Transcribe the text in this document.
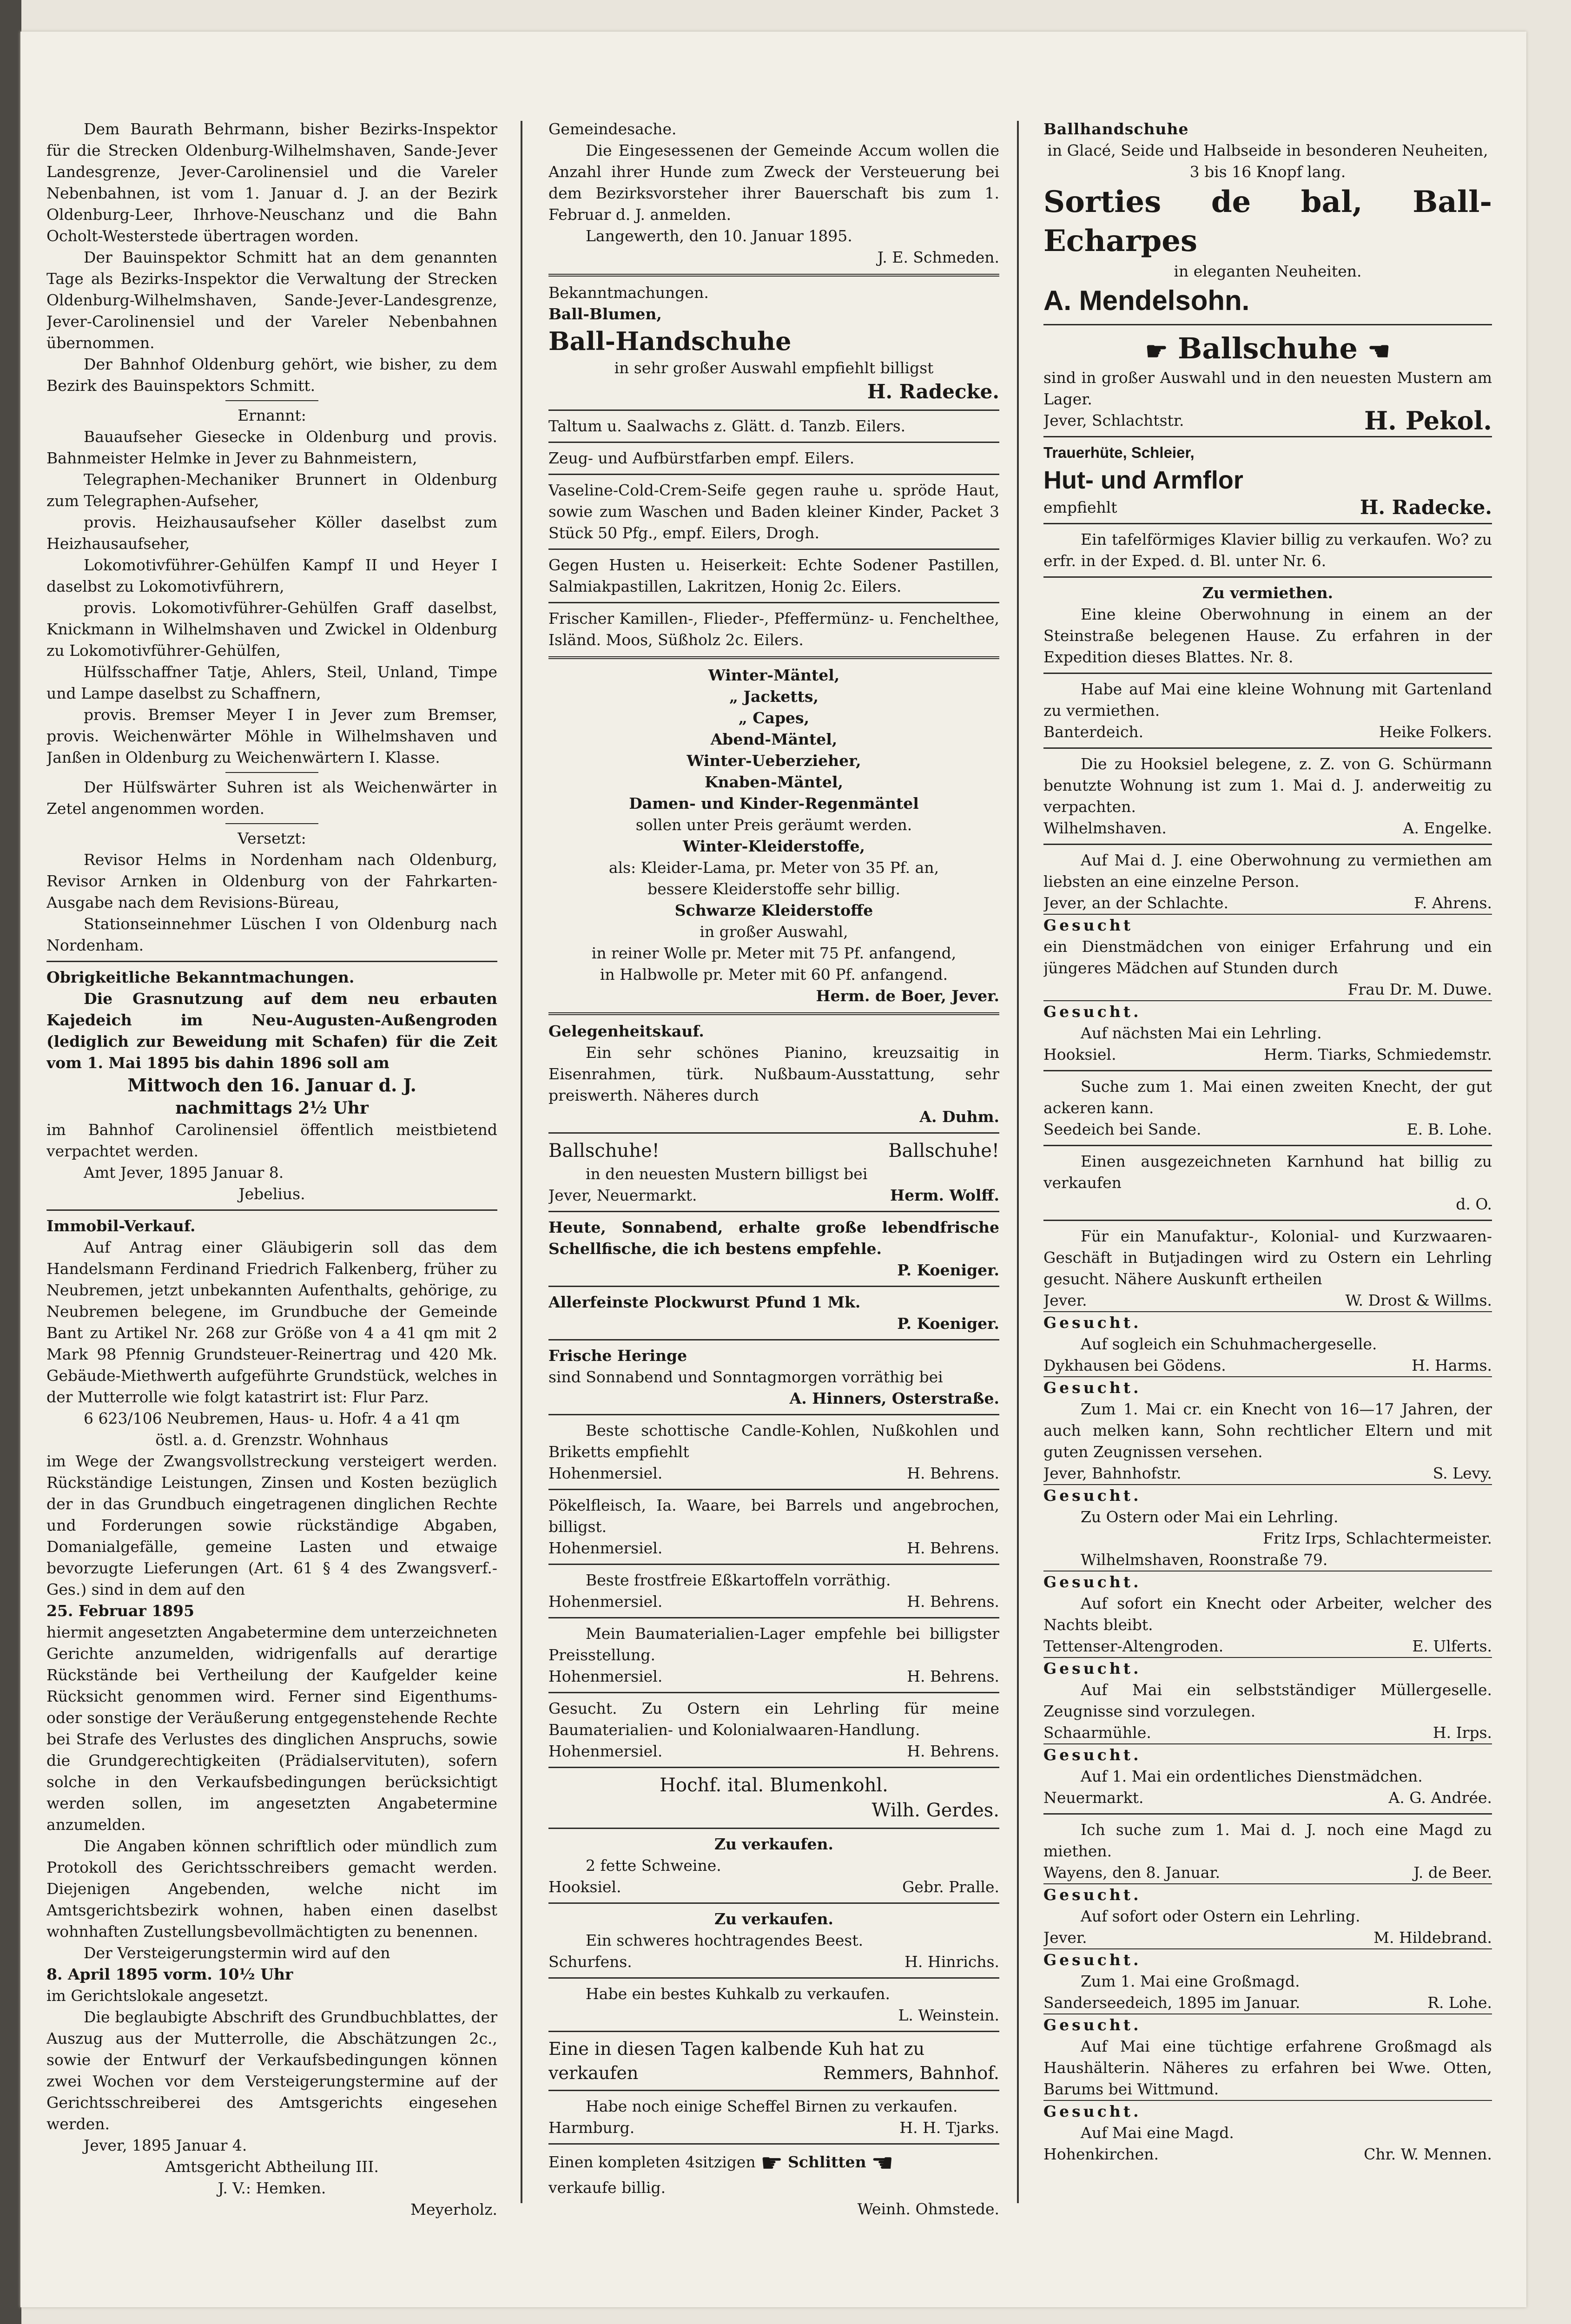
Dem Baurath Behrmann, bisher Bezirks-Inspektor für die Strecken Oldenburg-Wilhelmshaven, Sande-Jever Landesgrenze, Jever-Carolinensiel und die Vareler Nebenbahnen, ist vom 1. Januar d. J. an der Bezirk Oldenburg-Leer, Ihrhove-Neuschanz und die Bahn Ocholt-Westerstede übertragen worden.

Der Bauinspektor Schmitt hat an dem genannten Tage als Bezirks-Inspektor die Verwaltung der Strecken Oldenburg-Wilhelmshaven, Sande-Jever-Landesgrenze, Jever-Carolinensiel und der Vareler Nebenbahnen übernommen.

Der Bahnhof Oldenburg gehört, wie bisher, zu dem Bezirk des Bauinspektors Schmitt.

Ernannt:

Bauaufseher Giesecke in Oldenburg und provis. Bahnmeister Helmke in Jever zu Bahnmeistern,

Telegraphen-Mechaniker Brunnert in Oldenburg zum Telegraphen-Aufseher,

provis. Heizhausaufseher Köller daselbst zum Heizhausaufseher,

Lokomotivführer-Gehülfen Kampf II und Heyer I daselbst zu Lokomotivführern,

provis. Lokomotivführer-Gehülfen Graff daselbst, Knickmann in Wilhelmshaven und Zwickel in Oldenburg zu Lokomotivführer-Gehülfen,

Hülfsschaffner Tatje, Ahlers, Steil, Unland, Timpe und Lampe daselbst zu Schaffnern,

provis. Bremser Meyer I in Jever zum Bremser, provis. Weichenwärter Möhle in Wilhelmshaven und Janßen in Oldenburg zu Weichenwärtern I. Klasse.

Der Hülfswärter Suhren ist als Weichenwärter in Zetel angenommen worden.

Versetzt:

Revisor Helms in Nordenham nach Oldenburg, Revisor Arnken in Oldenburg von der Fahrkarten-Ausgabe nach dem Revisions-Büreau,

Stationseinnehmer Lüschen I von Oldenburg nach Nordenham.

Obrigkeitliche Bekanntmachungen.

Die Grasnutzung auf dem neu erbauten Kajedeich im Neu-Augusten-Außengroden (lediglich zur Beweidung mit Schafen) für die Zeit vom 1. Mai 1895 bis dahin 1896 soll am

Mittwoch den 16. Januar d. J.

nachmittags 2½ Uhr

im Bahnhof Carolinensiel öffentlich meistbietend verpachtet werden.

Amt Jever, 1895 Januar 8.

Jebelius.

Immobil-Verkauf.

Auf Antrag einer Gläubigerin soll das dem Handelsmann Ferdinand Friedrich Falkenberg, früher zu Neubremen, jetzt unbekannten Aufenthalts, gehörige, zu Neubremen belegene, im Grundbuche der Gemeinde Bant zu Artikel Nr. 268 zur Größe von 4 a 41 qm mit 2 Mark 98 Pfennig Grundsteuer-Reinertrag und 420 Mk. Gebäude-Miethwerth aufgeführte Grundstück, welches in der Mutterrolle wie folgt katastrirt ist: Flur Parz.

6 623/106 Neubremen, Haus- u. Hofr. 4 a 41 qm

östl. a. d. Grenzstr. Wohnhaus

im Wege der Zwangsvollstreckung versteigert werden. Rückständige Leistungen, Zinsen und Kosten bezüglich der in das Grundbuch eingetragenen dinglichen Rechte und Forderungen sowie rückständige Abgaben, Domanialgefälle, gemeine Lasten und etwaige bevorzugte Lieferungen (Art. 61 § 4 des Zwangsverf.-Ges.) sind in dem auf den

25. Februar 1895

hiermit angesetzten Angabetermine dem unterzeichneten Gerichte anzumelden, widrigenfalls auf derartige Rückstände bei Vertheilung der Kaufgelder keine Rücksicht genommen wird. Ferner sind Eigenthums- oder sonstige der Veräußerung entgegenstehende Rechte bei Strafe des Verlustes des dinglichen Anspruchs, sowie die Grundgerechtigkeiten (Prädialservituten), sofern solche in den Verkaufsbedingungen berücksichtigt werden sollen, im angesetzten Angabetermine anzumelden.

Die Angaben können schriftlich oder mündlich zum Protokoll des Gerichtsschreibers gemacht werden. Diejenigen Angebenden, welche nicht im Amtsgerichtsbezirk wohnen, haben einen daselbst wohnhaften Zustellungsbevollmächtigten zu benennen.

Der Versteigerungstermin wird auf den

8. April 1895 vorm. 10½ Uhr

im Gerichtslokale angesetzt.

Die beglaubigte Abschrift des Grundbuchblattes, der Auszug aus der Mutterrolle, die Abschätzungen 2c., sowie der Entwurf der Verkaufsbedingungen können zwei Wochen vor dem Versteigerungstermine auf der Gerichtsschreiberei des Amtsgerichts eingesehen werden.

Jever, 1895 Januar 4.

Amtsgericht Abtheilung III.

J. V.: Hemken.

Meyerholz.

Gemeindesache.

Die Eingesessenen der Gemeinde Accum wollen die Anzahl ihrer Hunde zum Zweck der Versteuerung bei dem Bezirksvorsteher ihrer Bauerschaft bis zum 1. Februar d. J. anmelden.

Langewerth, den 10. Januar 1895.

J. E. Schmeden.

Bekanntmachungen.

Ball-Blumen,

Ball-Handschuhe

in sehr großer Auswahl empfiehlt billigst

H. Radecke.

Taltum u. Saalwachs z. Glätt. d. Tanzb. Eilers.

Zeug- und Aufbürstfarben empf. Eilers.

Vaseline-Cold-Crem-Seife gegen rauhe u. spröde Haut, sowie zum Waschen und Baden kleiner Kinder, Packet 3 Stück 50 Pfg., empf. Eilers, Drogh.

Gegen Husten u. Heiserkeit: Echte Sodener Pastillen, Salmiakpastillen, Lakritzen, Honig 2c. Eilers.

Frischer Kamillen-, Flieder-, Pfeffermünz- u. Fenchelthee, Isländ. Moos, Süßholz 2c. Eilers.

Winter-Mäntel,

„ Jacketts,

„ Capes,

Abend-Mäntel,

Winter-Ueberzieher,

Knaben-Mäntel,

Damen- und Kinder-Regenmäntel

sollen unter Preis geräumt werden.

Winter-Kleiderstoffe,

als: Kleider-Lama, pr. Meter von 35 Pf. an,

bessere Kleiderstoffe sehr billig.

Schwarze Kleiderstoffe

in großer Auswahl,

in reiner Wolle pr. Meter mit 75 Pf. anfangend,

in Halbwolle pr. Meter mit 60 Pf. anfangend.

Herm. de Boer, Jever.

Gelegenheitskauf.

Ein sehr schönes Pianino, kreuzsaitig in Eisenrahmen, türk. Nußbaum-Ausstattung, sehr preiswerth. Näheres durch

A. Duhm.

Ballschuhe!	Ballschuhe!

in den neuesten Mustern billigst bei

Jever, Neuermarkt.	Herm. Wolff.

Heute, Sonnabend, erhalte große lebendfrische Schellfische, die ich bestens empfehle.

P. Koeniger.

Allerfeinste Plockwurst Pfund 1 Mk.

P. Koeniger.

Frische Heringe

sind Sonnabend und Sonntagmorgen vorräthig bei

A. Hinners, Osterstraße.

Beste schottische Candle-Kohlen, Nußkohlen und Briketts empfiehlt

Hohenmersiel.	H. Behrens.

Pökelfleisch, Ia. Waare, bei Barrels und angebrochen, billigst.

Hohenmersiel.	H. Behrens.

Beste frostfreie Eßkartoffeln vorräthig.

Hohenmersiel.	H. Behrens.

Mein Baumaterialien-Lager empfehle bei billigster Preisstellung.

Hohenmersiel.	H. Behrens.

Gesucht. Zu Ostern ein Lehrling für meine Baumaterialien- und Kolonialwaaren-Handlung.

Hohenmersiel.	H. Behrens.

Hochf. ital. Blumenkohl.

Wilh. Gerdes.

Zu verkaufen.

2 fette Schweine.

Hooksiel.	Gebr. Pralle.

Zu verkaufen.

Ein schweres hochtragendes Beest.

Schurfens.	H. Hinrichs.

Habe ein bestes Kuhkalb zu verkaufen.

L. Weinstein.

Eine in diesen Tagen kalbende Kuh hat zu

verkaufen	Remmers, Bahnhof.

Habe noch einige Scheffel Birnen zu verkaufen.

Harmburg.	H. H. Tjarks.

Einen kompleten 4sitzigen ☛ Schlitten ☚

verkaufe billig.

Weinh. Ohmstede.

Ballhandschuhe

in Glacé, Seide und Halbseide in besonderen Neuheiten, 3 bis 16 Knopf lang.

Sorties de bal, Ball-Echarpes

in eleganten Neuheiten.

A. Mendelsohn.

☛ Ballschuhe ☚

sind in großer Auswahl und in den neuesten Mustern am Lager.

Jever, Schlachtstr.	H. Pekol.

Trauerhüte, Schleier,

Hut- und Armflor

empfiehlt	H. Radecke.

Ein tafelförmiges Klavier billig zu verkaufen. Wo? zu erfr. in der Exped. d. Bl. unter Nr. 6.

Zu vermiethen.

Eine kleine Oberwohnung in einem an der Steinstraße belegenen Hause. Zu erfahren in der Expedition dieses Blattes. Nr. 8.

Habe auf Mai eine kleine Wohnung mit Gartenland zu vermiethen.

Banterdeich.	Heike Folkers.

Die zu Hooksiel belegene, z. Z. von G. Schürmann benutzte Wohnung ist zum 1. Mai d. J. anderweitig zu verpachten.

Wilhelmshaven.	A. Engelke.

Auf Mai d. J. eine Oberwohnung zu vermiethen am liebsten an eine einzelne Person.

Jever, an der Schlachte.	F. Ahrens.

Gesucht

ein Dienstmädchen von einiger Erfahrung und ein jüngeres Mädchen auf Stunden durch

Frau Dr. M. Duwe.

Gesucht.

Auf nächsten Mai ein Lehrling.

Hooksiel.	Herm. Tiarks, Schmiedemstr.

Suche zum 1. Mai einen zweiten Knecht, der gut ackeren kann.

Seedeich bei Sande.	E. B. Lohe.

Einen ausgezeichneten Karnhund hat billig zu verkaufen

d. O.

Für ein Manufaktur-, Kolonial- und Kurzwaaren-Geschäft in Butjadingen wird zu Ostern ein Lehrling gesucht. Nähere Auskunft ertheilen

Jever.	W. Drost & Willms.

Gesucht.

Auf sogleich ein Schuhmachergeselle.

Dykhausen bei Gödens.	H. Harms.

Gesucht.

Zum 1. Mai cr. ein Knecht von 16—17 Jahren, der auch melken kann, Sohn rechtlicher Eltern und mit guten Zeugnissen versehen.

Jever, Bahnhofstr.	S. Levy.

Gesucht.

Zu Ostern oder Mai ein Lehrling.

Fritz Irps, Schlachtermeister.

Wilhelmshaven, Roonstraße 79.

Gesucht.

Auf sofort ein Knecht oder Arbeiter, welcher des Nachts bleibt.

Tettenser-Altengroden.	E. Ulferts.

Gesucht.

Auf Mai ein selbstständiger Müllergeselle. Zeugnisse sind vorzulegen.

Schaarmühle.	H. Irps.

Gesucht.

Auf 1. Mai ein ordentliches Dienstmädchen.

Neuermarkt.	A. G. Andrée.

Ich suche zum 1. Mai d. J. noch eine Magd zu miethen.

Wayens, den 8. Januar.	J. de Beer.

Gesucht.

Auf sofort oder Ostern ein Lehrling.

Jever.	M. Hildebrand.

Gesucht.

Zum 1. Mai eine Großmagd.

Sanderseedeich, 1895 im Januar.	R. Lohe.

Gesucht.

Auf Mai eine tüchtige erfahrene Großmagd als Haushälterin. Näheres zu erfahren bei Wwe. Otten, Barums bei Wittmund.

Gesucht.

Auf Mai eine Magd.

Hohenkirchen.	Chr. W. Mennen.
